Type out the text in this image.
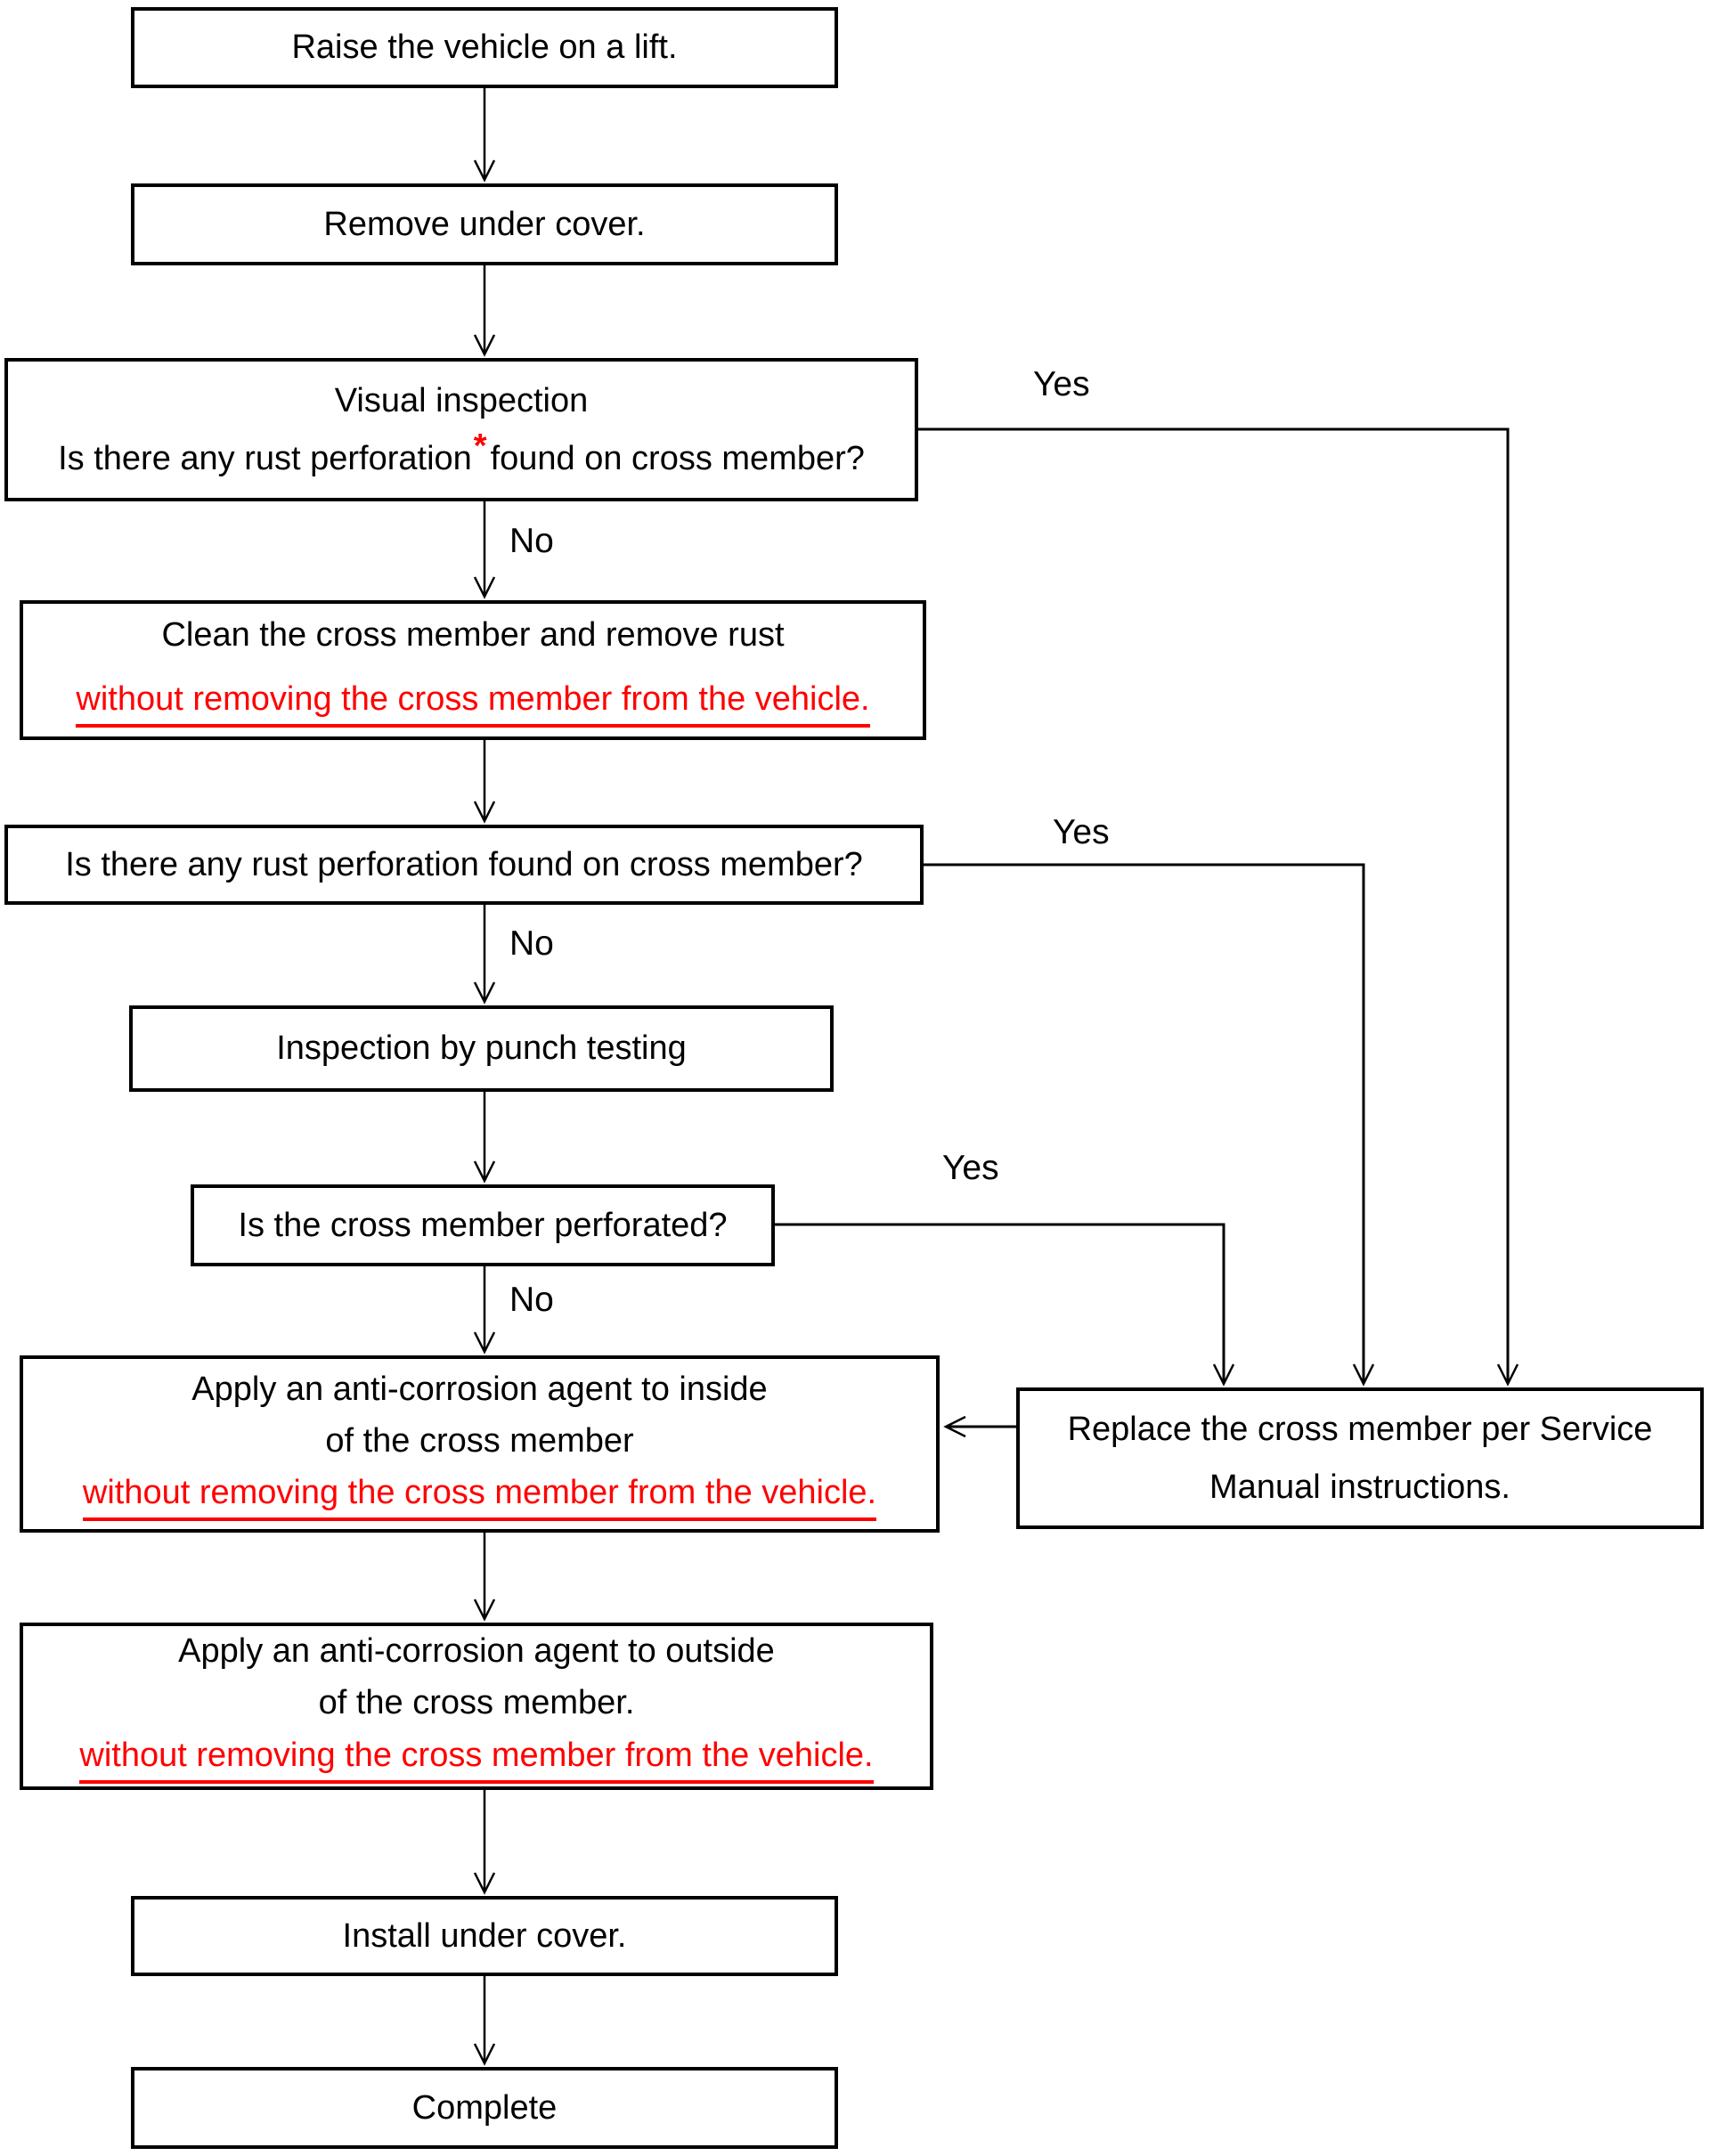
Raise the vehicle on a lift.
Remove under cover.
Visual inspection
Is there any rust perforation* found on cross member?
Clean the cross member and remove rust
without removing the cross member from the vehicle.
Is there any rust perforation found on cross member?
Inspection by punch testing
Is the cross member perforated?
Apply an anti-corrosion agent to inside
of the cross member
without removing the cross member from the vehicle.
Replace the cross member per Service
Manual instructions.
Apply an anti-corrosion agent to outside
of the cross member.
without removing the cross member from the vehicle.
Install under cover.
Complete
Yes
Yes
Yes
No
No
No
